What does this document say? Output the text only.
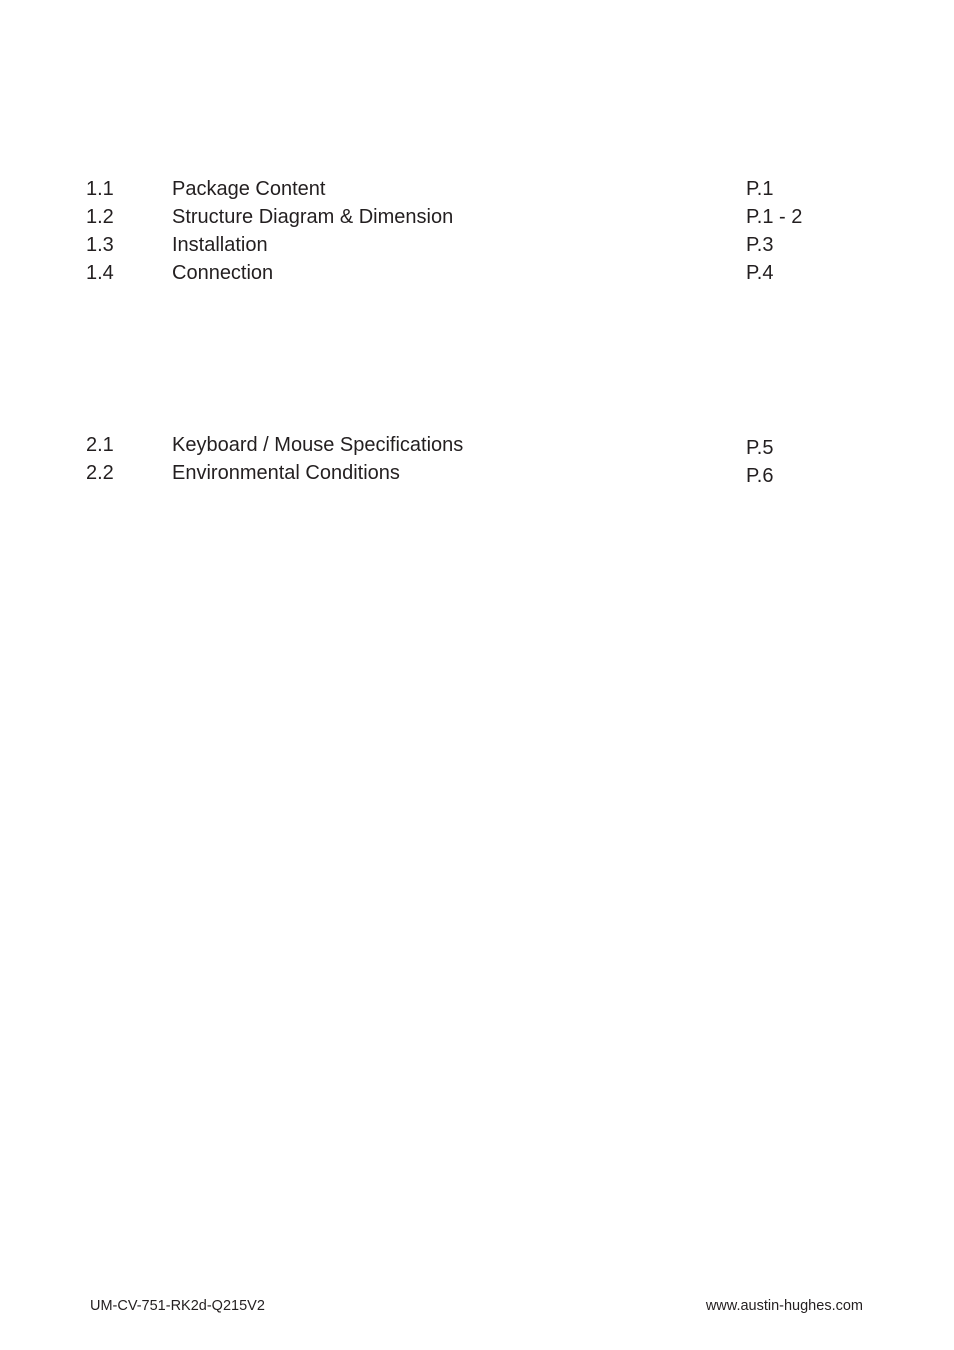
1.1	Package Content	P.1
1.2	Structure Diagram & Dimension	P.1 - 2
1.3	Installation	P.3
1.4	Connection	P.4
2.1	Keyboard / Mouse Specifications	P.5
2.2	Environmental Conditions	P.6
UM-CV-751-RK2d-Q215V2	www.austin-hughes.com
